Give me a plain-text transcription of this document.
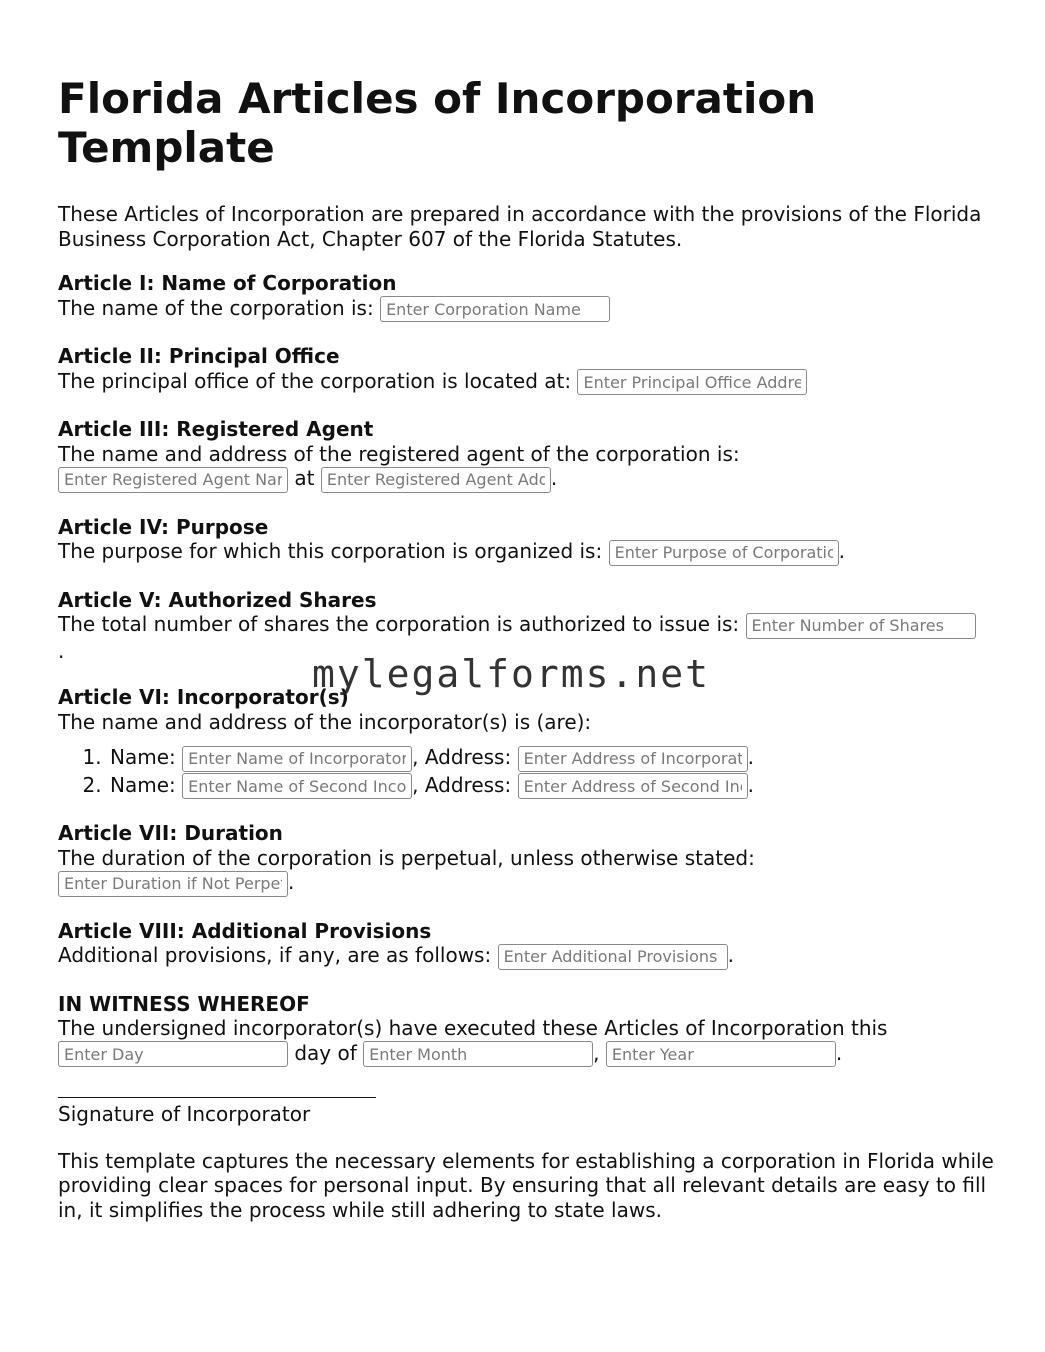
Florida Articles of Incorporation Template

These Articles of Incorporation are prepared in accordance with the provisions of the Florida Business Corporation Act, Chapter 607 of the Florida Statutes.

Article I: Name of Corporation
The name of the corporation is: Enter Corporation Name
Article II: Principal Office
The principal office of the corporation is located at: Enter Principal Office Address
Article III: Registered Agent
The name and address of the registered agent of the corporation is:
Enter Registered Agent Name at Enter Registered Agent Address	.
Article IV: Purpose
The purpose for which this corporation is organized is: Enter Purpose of Corporation	.
Article V: Authorized Shares
The total number of shares the corporation is authorized to issue is: Enter Number of Shares
.
Article VI: Incorporator(s)
The name and address of the incorporator(s) is (are):
1. Name: Enter Name of Incorporator	, Address: Enter Address of Incorporator	.
2. Name: Enter Name of Second Incorporator	, Address: Enter Address of Second Incorporator	.
Article VII: Duration
The duration of the corporation is perpetual, unless otherwise stated:
Enter Duration if Not Perpetual.
Article VIII: Additional Provisions
Additional provisions, if any, are as follows: Enter Additional Provisions	.
IN WITNESS WHEREOF
The undersigned incorporator(s) have executed these Articles of Incorporation this
Enter Day day of Enter Month	, Enter Year	.
Signature of Incorporator

This template captures the necessary elements for establishing a corporation in Florida while providing clear spaces for personal input. By ensuring that all relevant details are easy to fill in, it simplifies the process while still adhering to state laws.

mylegalforms.net
